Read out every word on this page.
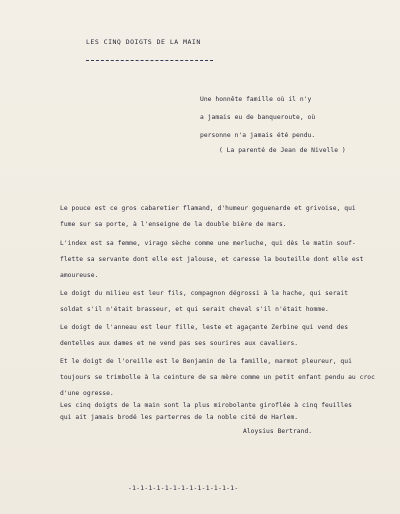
LES CINQ DOIGTS DE LA MAIN
Une honnête famille où il n'y
a jamais eu de banqueroute, où
personne n'a jamais été pendu.
( La parenté de Jean de Nivelle )
Le pouce est ce gros cabaretier flamand, d'humeur goguenarde et grivoise, qui
fume sur sa porte, à l'enseigne de la double bière de mars.
L'index est sa femme, virago sèche comme une merluche, qui dès le matin souf-
flette sa servante dont elle est jalouse, et caresse la bouteille dont elle est
amoureuse.
Le doigt du milieu est leur fils, compagnon dégrossi à la hache, qui serait
soldat s'il n'était brasseur, et qui serait cheval s'il n'était homme.
Le doigt de l'anneau est leur fille, leste et agaçante Zerbine qui vend des
dentelles aux dames et ne vend pas ses sourires aux cavaliers.
Et le doigt de l'oreille est le Benjamin de la famille, marmot pleureur, qui
toujours se trimbolle à la ceinture de sa mère comme un petit enfant pendu au croc
d'une ogresse.
Les cinq doigts de la main sont la plus mirobolante giroflée à cinq feuilles
qui ait jamais brodé les parterres de la noble cité de Harlem.
Aloysius Bertrand.
-1-1-1-1-1-1-1-1-1-1-1-1-1-
